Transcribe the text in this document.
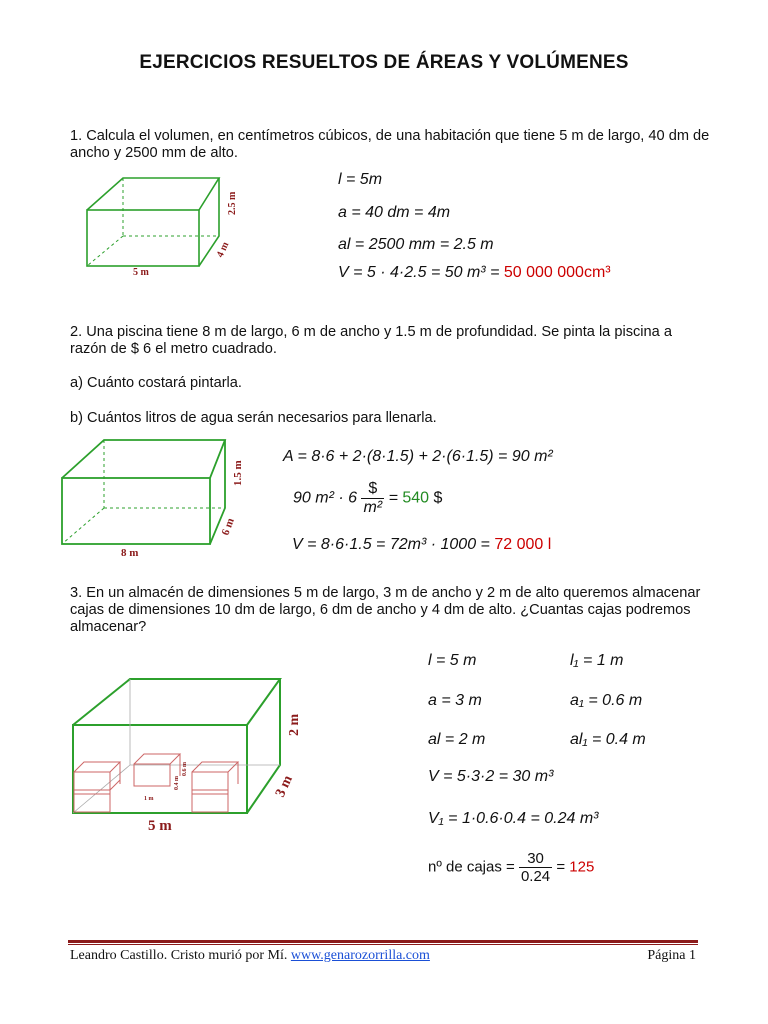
EJERCICIOS RESUELTOS DE ÁREAS Y VOLÚMENES
1. Calcula el volumen, en centímetros cúbicos, de una habitación que tiene 5 m de largo, 40 dm de ancho y 2500 mm de alto.
5 m
2.5 m
4 m
l = 5m
a = 40 dm = 4m
al = 2500 mm = 2.5 m
V = 5 · 4·2.5 = 50 m³ = 50 000 000cm³
2. Una piscina tiene 8 m de largo, 6 m de ancho y 1.5 m de profundidad. Se pinta la piscina a razón de $ 6 el metro cuadrado.
a) Cuánto costará pintarla.
b) Cuántos litros de agua serán necesarios para llenarla.
8 m
1.5 m
6 m
A = 8·6 + 2·(8·1.5) + 2·(6·1.5) = 90 m²
90 $m^2 \cdot 6 \frac{\$}{\text{m²}} = 540$ $
V = 8·6·1.5 = 72m³ · 1000 = 72 000 l
3. En un almacén de dimensiones 5 m de largo, 3 m de ancho y 2 m de alto queremos almacenar cajas de dimensiones 10 dm de largo, 6 dm de ancho y 4 dm de alto. ¿Cuantas cajas podremos almacenar?
1 m
0.4 m
0.6 m
5 m
2 m
3 m
l = 5 m	l₁ = 1 m
a = 3 m	a₁ = 0.6 m
al = 2 m	al₁ = 0.4 m
V = 5·3·2 = 30 m³
V₁ = 1·0.6·0.4 = 0.24 m³
nº de cajas = $\frac{30}{0.24} = 125$
Leandro Castillo. Cristo murió por Mí. www.genarozorrilla.com	Página 1
